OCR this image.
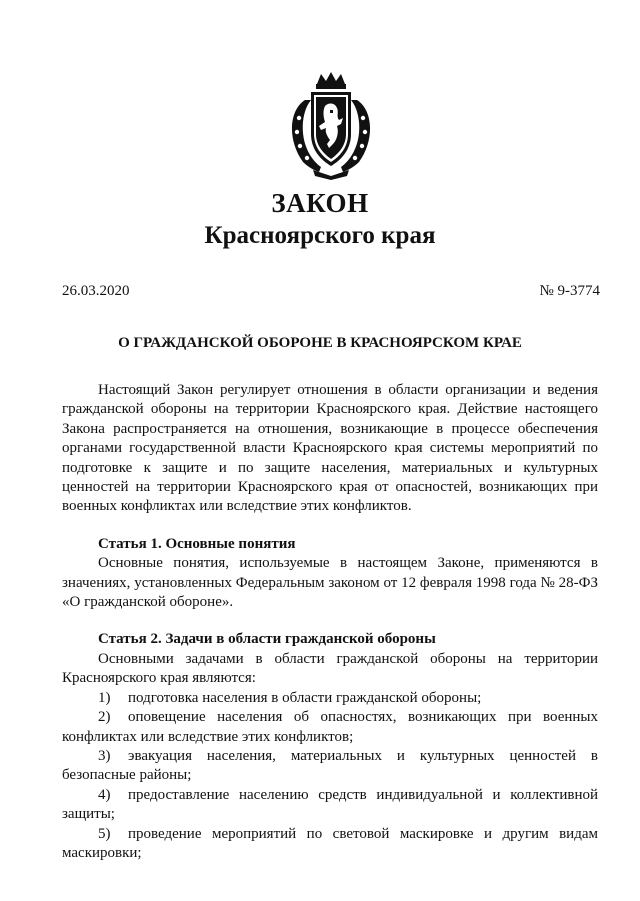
ЗАКОН
Красноярского края
26.03.2020	№ 9-3774
О ГРАЖДАНСКОЙ ОБОРОНЕ В КРАСНОЯРСКОМ КРАЕ

Настоящий Закон регулирует отношения в области организации и ведения гражданской обороны на территории Красноярского края. Действие настоящего Закона распространяется на отношения, возникающие в процессе обеспечения органами государственной власти Красноярского края системы мероприятий по подготовке к защите и по защите населения, материальных и культурных ценностей на территории Красноярского края от опасностей, возникающих при военных конфликтах или вследствие этих конфликтов.

Статья 1. Основные понятия

Основные понятия, используемые в настоящем Законе, применяются в значениях, установленных Федеральным законом от 12 февраля 1998 года № 28-ФЗ «О гражданской обороне».

Статья 2. Задачи в области гражданской обороны

Основными задачами в области гражданской обороны на территории Красноярского края являются:

1) подготовка населения в области гражданской обороны;

2) оповещение населения об опасностях, возникающих при военных конфликтах или вследствие этих конфликтов;

3) эвакуация населения, материальных и культурных ценностей в безопасные районы;

4) предоставление населению средств индивидуальной и коллективной защиты;

5) проведение мероприятий по световой маскировке и другим видам маскировки;
